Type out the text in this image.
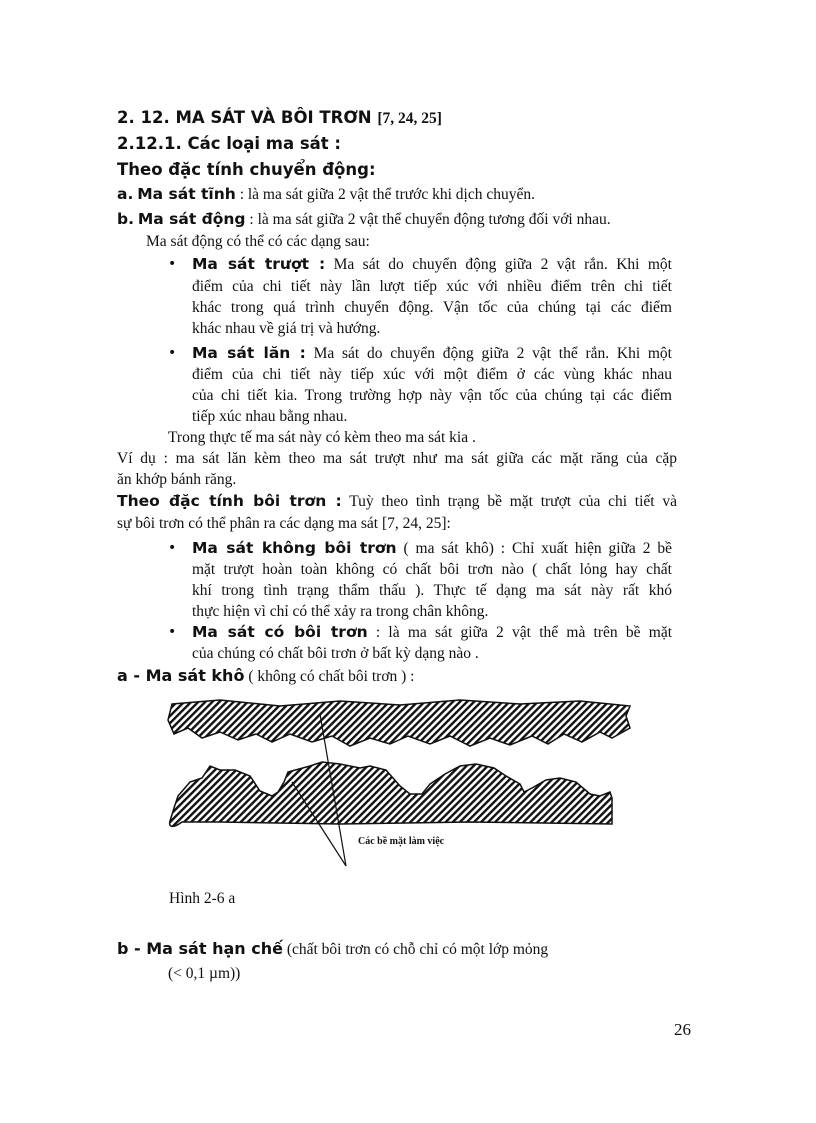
2. 12. MA SÁT VÀ BÔI TRƠN [7, 24, 25]
2.12.1. Các loại ma sát :
Theo đặc tính chuyển động:
a. Ma sát tĩnh : là ma sát giữa 2 vật thể trước khi dịch chuyển.
b. Ma sát động : là ma sát giữa 2 vật thể chuyển động tương đối với nhau.
Ma sát động có thể có các dạng sau:
• Ma sát trượt : Ma sát do chuyển động giữa 2 vật rắn. Khi một
điểm của chi tiết này lần lượt tiếp xúc với nhiều điểm trên chi tiết
khác trong quá trình chuyển động. Vận tốc của chúng tại các điểm
khác nhau về giá trị và hướng.
• Ma sát lăn : Ma sát do chuyển động giữa 2 vật thể rắn. Khi một
điểm của chi tiết này tiếp xúc với một điểm ở các vùng khác nhau
của chi tiết kia. Trong trường hợp này vận tốc của chúng tại các điểm
tiếp xúc nhau bằng nhau.
Trong thực tế ma sát này có kèm theo ma sát kia .
Ví dụ : ma sát lăn kèm theo ma sát trượt như ma sát giữa các mặt răng của cặp
ăn khớp bánh răng.
Theo đặc tính bôi trơn : Tuỳ theo tình trạng bề mặt trượt của chi tiết và
sự bôi trơn có thể phân ra các dạng ma sát [7, 24, 25]:
• Ma sát không bôi trơn ( ma sát khô) : Chỉ xuất hiện giữa 2 bề
mặt trượt hoàn toàn không có chất bôi trơn nào ( chất lỏng hay chất
khí trong tình trạng thẩm thấu ). Thực tế dạng ma sát này rất khó
thực hiện vì chỉ có thể xảy ra trong chân không.
• Ma sát có bôi trơn : là ma sát giữa 2 vật thể mà trên bề mặt
của chúng có chất bôi trơn ở bất kỳ dạng nào .
a - Ma sát khô ( không có chất bôi trơn ) :
Các bề mặt làm việc
Hình 2-6 a
b - Ma sát hạn chế (chất bôi trơn có chỗ chỉ có một lớp mỏng
(< 0,1 µm))
26
